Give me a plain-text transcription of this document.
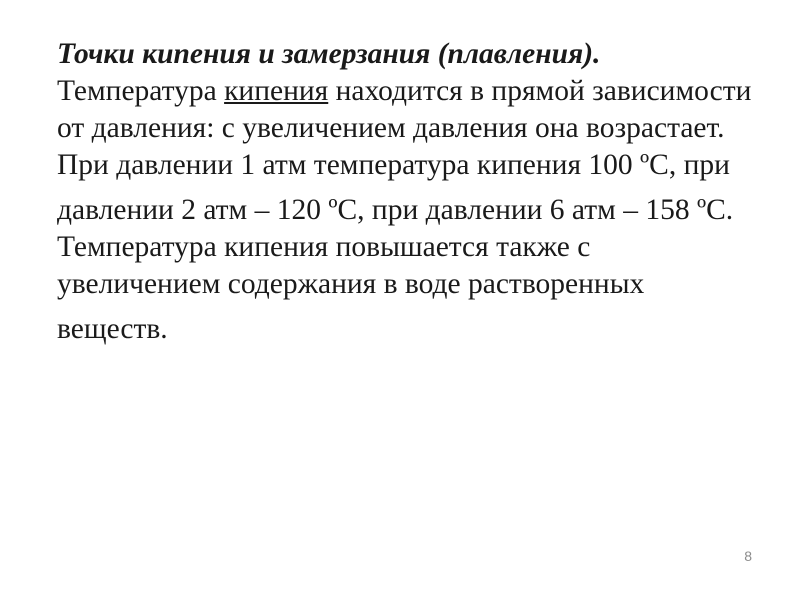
Точки кипения и замерзания (плавления).
Температура кипения находится в прямой зависимости от давления: с увеличением давления она возрастает. При давлении 1 атм температура кипения 100 ºС, при

давлении 2 атм – 120 ºС, при давлении 6 атм – 158 ºС. Температура кипения повышается также с увеличением содержания в воде растворенных

веществ.

8
